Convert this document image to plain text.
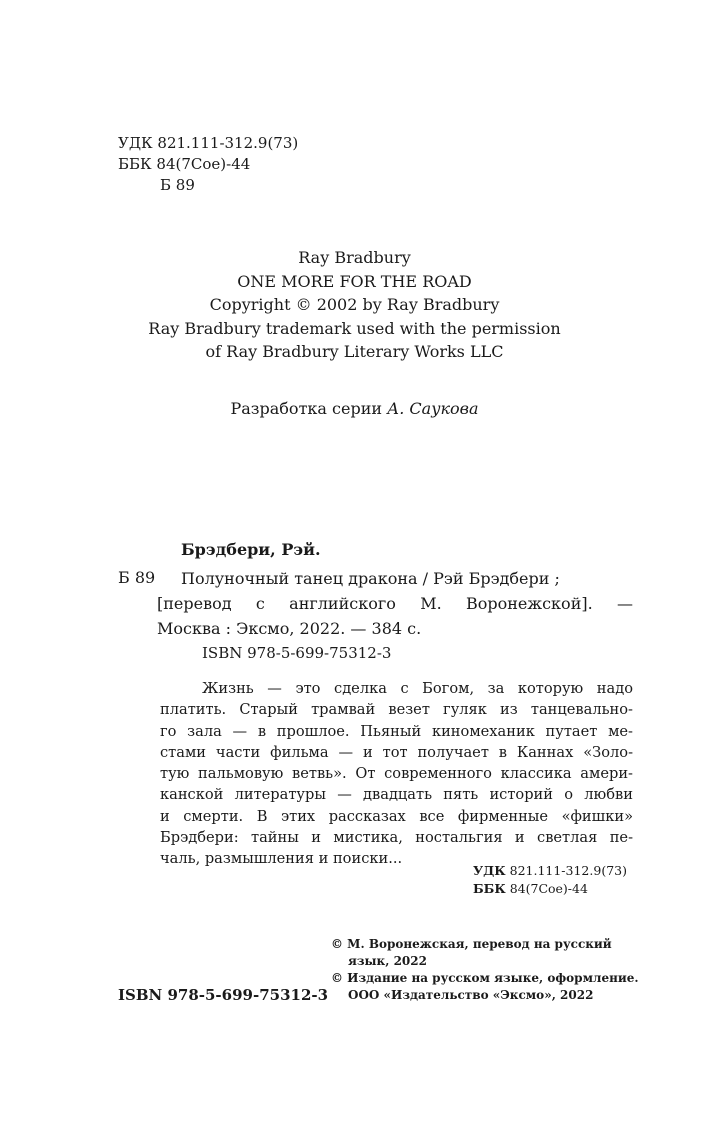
УДК 821.111-312.9(73)
ББК 84(7Сое)-44
Б 89
Ray Bradbury
ONE MORE FOR THE ROAD
Copyright © 2002 by Ray Bradbury
Ray Bradbury trademark used with the permission
of Ray Bradbury Literary Works LLC
Разработка серии А. Саукова
Брэдбери, Рэй.
Б 89 Полуночный танец дракона / Рэй Брэдбери ;
[перевод с английского М. Воронежской]. —
Москва : Эксмо, 2022. — 384 с.
ISBN 978-5-699-75312-3
Жизнь — это сделка с Богом, за которую надо
платить. Старый трамвай везет гуляк из танцевально-
го зала — в прошлое. Пьяный киномеханик путает ме-
стами части фильма — и тот получает в Каннах «Золо-
тую пальмовую ветвь». От современного классика амери-
канской литературы — двадцать пять историй о любви
и смерти. В этих рассказах все фирменные «фишки»
Брэдбери: тайны и мистика, ностальгия и светлая пе-
чаль, размышления и поиски...
УДК 821.111-312.9(73)
ББК 84(7Сое)-44
© М. Воронежская, перевод на русский
язык, 2022
© Издание на русском языке, оформление.
ООО «Издательство «Эксмо», 2022
ISBN 978-5-699-75312-3
